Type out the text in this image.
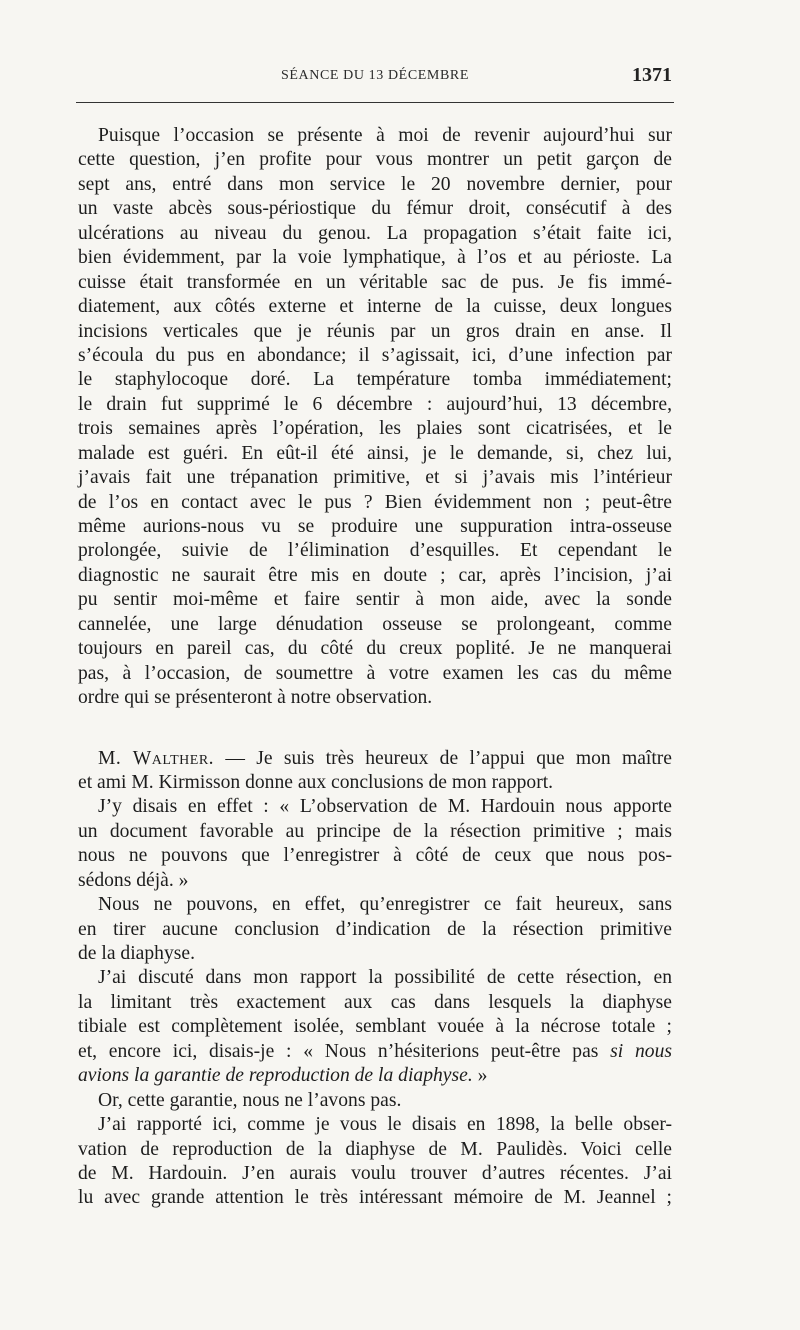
SÉANCE DU 13 DÉCEMBRE	1371
Puisque l’occasion se présente à moi de revenir aujourd’hui sur
cette question, j’en profite pour vous montrer un petit garçon de
sept ans, entré dans mon service le 20 novembre dernier, pour
un vaste abcès sous-périostique du fémur droit, consécutif à des
ulcérations au niveau du genou. La propagation s’était faite ici,
bien évidemment, par la voie lymphatique, à l’os et au périoste. La
cuisse était transformée en un véritable sac de pus. Je fis immé-
diatement, aux côtés externe et interne de la cuisse, deux longues
incisions verticales que je réunis par un gros drain en anse. Il
s’écoula du pus en abondance; il s’agissait, ici, d’une infection par
le staphylocoque doré. La température tomba immédiatement;
le drain fut supprimé le 6 décembre : aujourd’hui, 13 décembre,
trois semaines après l’opération, les plaies sont cicatrisées, et le
malade est guéri. En eût-il été ainsi, je le demande, si, chez lui,
j’avais fait une trépanation primitive, et si j’avais mis l’intérieur
de l’os en contact avec le pus ? Bien évidemment non ; peut-être
même aurions-nous vu se produire une suppuration intra-osseuse
prolongée, suivie de l’élimination d’esquilles. Et cependant le
diagnostic ne saurait être mis en doute ; car, après l’incision, j’ai
pu sentir moi-même et faire sentir à mon aide, avec la sonde
cannelée, une large dénudation osseuse se prolongeant, comme
toujours en pareil cas, du côté du creux poplité. Je ne manquerai
pas, à l’occasion, de soumettre à votre examen les cas du même
ordre qui se présenteront à notre observation.
M. Walther. — Je suis très heureux de l’appui que mon maître
et ami M. Kirmisson donne aux conclusions de mon rapport.
J’y disais en effet : « L’observation de M. Hardouin nous apporte
un document favorable au principe de la résection primitive ; mais
nous ne pouvons que l’enregistrer à côté de ceux que nous pos-
sédons déjà. »
Nous ne pouvons, en effet, qu’enregistrer ce fait heureux, sans
en tirer aucune conclusion d’indication de la résection primitive
de la diaphyse.
J’ai discuté dans mon rapport la possibilité de cette résection, en
la limitant très exactement aux cas dans lesquels la diaphyse
tibiale est complètement isolée, semblant vouée à la nécrose totale ;
et, encore ici, disais-je : « Nous n’hésiterions peut-être pas si nous
avions la garantie de reproduction de la diaphyse. »
Or, cette garantie, nous ne l’avons pas.
J’ai rapporté ici, comme je vous le disais en 1898, la belle obser-
vation de reproduction de la diaphyse de M. Paulidès. Voici celle
de M. Hardouin. J’en aurais voulu trouver d’autres récentes. J’ai
lu avec grande attention le très intéressant mémoire de M. Jeannel ;
